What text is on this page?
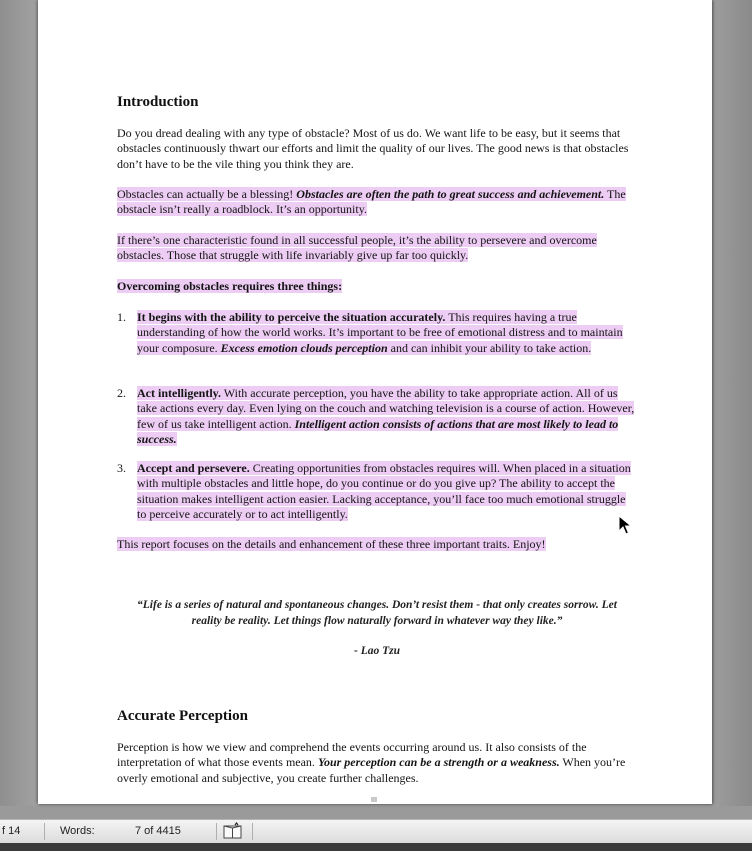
Introduction

Do you dread dealing with any type of obstacle? Most of us do. We want life to be easy, but it seems that obstacles continuously thwart our efforts and limit the quality of our lives. The good news is that obstacles don’t have to be the vile thing you think they are.

Obstacles can actually be a blessing! Obstacles are often the path to great success and achievement. The obstacle isn’t really a roadblock. It’s an opportunity.

If there’s one characteristic found in all successful people, it’s the ability to persevere and overcome obstacles. Those that struggle with life invariably give up far too quickly.

Overcoming obstacles requires three things:

1. It begins with the ability to perceive the situation accurately. This requires having a true understanding of how the world works. It’s important to be free of emotional distress and to maintain your composure. Excess emotion clouds perception and can inhibit your ability to take action.

2. Act intelligently. With accurate perception, you have the ability to take appropriate action. All of us take actions every day. Even lying on the couch and watching television is a course of action. However, few of us take intelligent action. Intelligent action consists of actions that are most likely to lead to success.

3. Accept and persevere. Creating opportunities from obstacles requires will. When placed in a situation with multiple obstacles and little hope, do you continue or do you give up? The ability to accept the situation makes intelligent action easier. Lacking acceptance, you’ll face too much emotional struggle to perceive accurately or to act intelligently.

This report focuses on the details and enhancement of these three important traits. Enjoy!

“Life is a series of natural and spontaneous changes. Don’t resist them - that only creates sorrow. Let reality be reality. Let things flow naturally forward in whatever way they like.”

- Lao Tzu

Accurate Perception

Perception is how we view and comprehend the events occurring around us. It also consists of the interpretation of what those events mean. Your perception can be a strength or a weakness. When you’re overly emotional and subjective, you create further challenges.

f 14	Words:	7 of 4415
